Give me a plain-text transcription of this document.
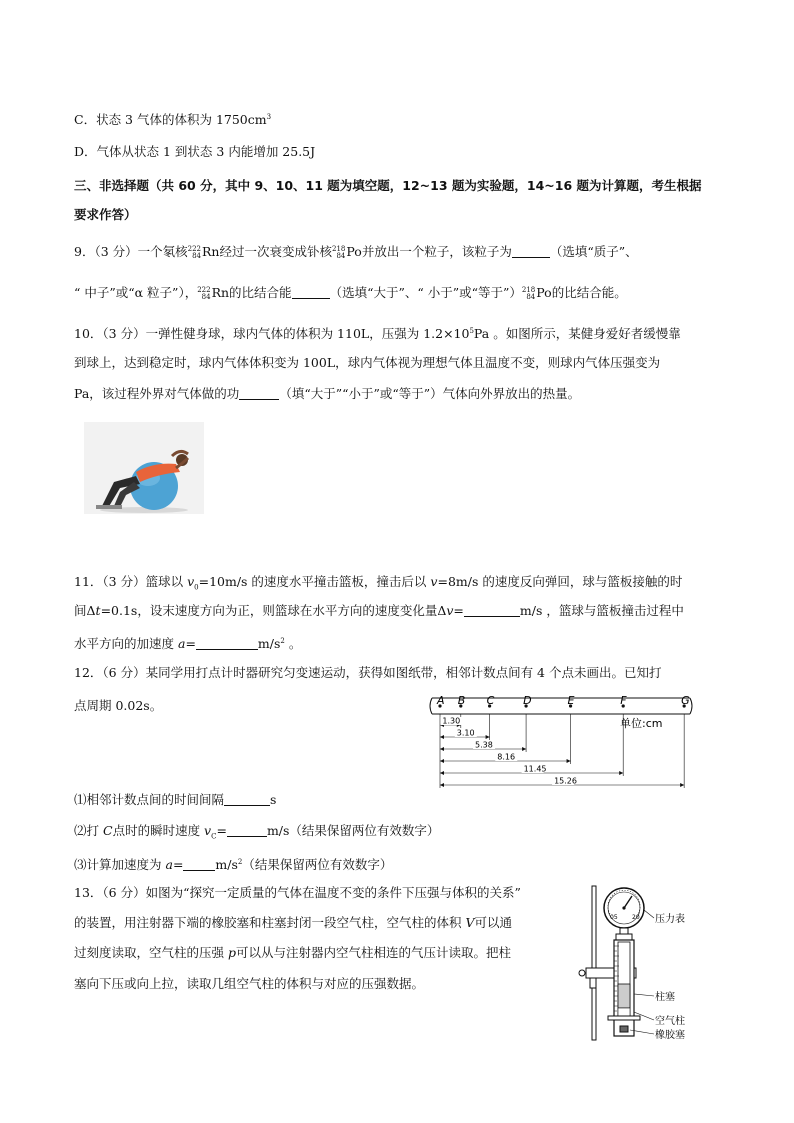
C．状态 3 气体的体积为 $1750cm^3$
D．气体从状态 1 到状态 3 内能增加 25.5J
三、非选择题（共 60 分，其中 9、10、11 题为填空题，12~13 题为实验题，14~16 题为计算题，考生根据
要求作答）
9．（3 分）一个氡核 222
84 Rn经过一次衰变成钋核 218
84 Po并放出一个粒子，该粒子为	（选填“质子”、
“ 中子”或“α 粒子”）， 222
84 Rn的比结合能	（选填“大于”、“ 小于”或“等于”） 218
84 Po的比结合能。
10．（3 分）一弹性健身球，球内气体的体积为 110L，压强为 $1.2\times 10^5Pa$ 。如图所示，某健身爱好者缓慢靠
到球上，达到稳定时，球内气体体积变为 100L，球内气体视为理想气体且温度不变，则球内气体压强变为
Pa，该过程外界对气体做的功	（填“大于”“小于”或“等于”）气体向外界放出的热量。
11．（3 分）篮球以 $v_0=10m/s$ 的速度水平撞击篮板，撞击后以 v=8m/s 的速度反向弹回，球与篮板接触的时
间Δt=0.1s，设末速度方向为正，则篮球在水平方向的速度变化量Δv=	m/s ，篮球与篮板撞击过程中
水平方向的加速度 a=	$m/s^2$ 。
12．（6 分）某同学用打点计时器研究匀变速运动，获得如图纸带，相邻计数点间有 4 个点未画出。已知打
点周期 0.02s。	A B C	D	E	F	G
1.30
3.10
5.38
8.16
11.45
15.26
单位:cm
⑴相邻计数点间的时间间隔	s
⑵打 C点时的瞬时速度 $v_C=$	m/s（结果保留两位有效数字）
⑶计算加速度为 a=	$m/s^2$（结果保留两位有效数字）
13．（6 分）如图为“探究一定质量的气体在温度不变的条件下压强与体积的关系”
的装置，用注射器下端的橡胶塞和柱塞封闭一段空气柱，空气柱的体积 V可以通
过刻度读取，空气柱的压强 p可以从与注射器内空气柱相连的气压计读取。把柱
塞向下压或向上拉，读取几组空气柱的体积与对应的压强数据。
05 20 压力表
柱塞
空气柱
橡胶塞
